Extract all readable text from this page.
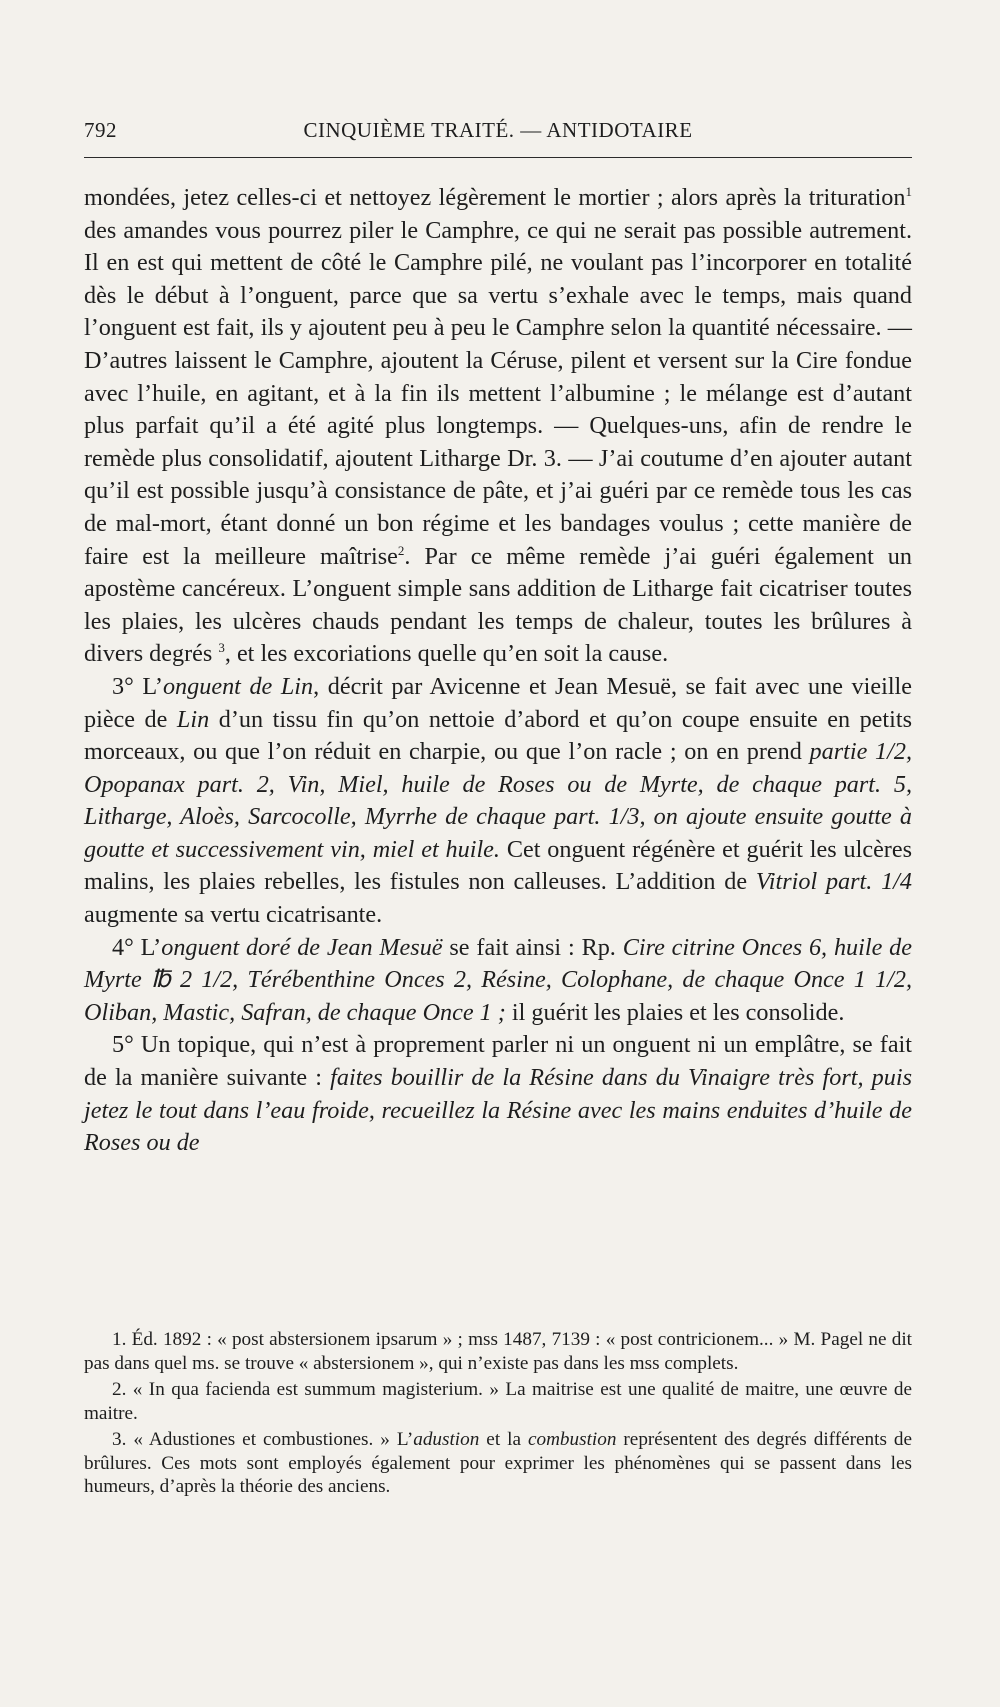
792	CINQUIÈME TRAITÉ. — ANTIDOTAIRE

mondées, jetez celles-ci et nettoyez légèrement le mortier ; alors après la trituration$^1$ des amandes vous pourrez piler le Camphre, ce qui ne serait pas possible autrement. Il en est qui mettent de côté le Camphre pilé, ne voulant pas l’incorporer en totalité dès le début à l’onguent, parce que sa vertu s’exhale avec le temps, mais quand l’onguent est fait, ils y ajoutent peu à peu le Camphre selon la quantité nécessaire. — D’autres laissent le Camphre, ajoutent la Céruse, pilent et versent sur la Cire fondue avec l’huile, en agitant, et à la fin ils mettent l’albumine ; le mélange est d’autant plus parfait qu’il a été agité plus longtemps. — Quelques-uns, afin de rendre le remède plus consolidatif, ajoutent Litharge Dr. 3. — J’ai coutume d’en ajouter autant qu’il est possible jusqu’à consistance de pâte, et j’ai guéri par ce remède tous les cas de mal-mort, étant donné un bon régime et les bandages voulus ; cette manière de faire est la meilleure maîtrise$^2$. Par ce même remède j’ai guéri également un apostème cancéreux. L’onguent simple sans addition de Litharge fait cicatriser toutes les plaies, les ulcères chauds pendant les temps de chaleur, toutes les brûlures à divers degrés $^3$, et les excoriations quelle qu’en soit la cause.

3° L’onguent de Lin, décrit par Avicenne et Jean Mesuë, se fait avec une vieille pièce de Lin d’un tissu fin qu’on nettoie d’abord et qu’on coupe ensuite en petits morceaux, ou que l’on réduit en charpie, ou que l’on racle ; on en prend partie 1/2, Opopanax part. 2, Vin, Miel, huile de Roses ou de Myrte, de chaque part. 5, Litharge, Aloès, Sarcocolle, Myrrhe de chaque part. 1/3, on ajoute ensuite goutte à goutte et successivement vin, miel et huile. Cet onguent régénère et guérit les ulcères malins, les plaies rebelles, les fistules non calleuses. L’addition de Vitriol part. 1/4 augmente sa vertu cicatrisante.

4° L’onguent doré de Jean Mesuë se fait ainsi : Rp. Cire citrine Onces 6, huile de Myrte ℔ 2 1/2, Térébenthine Onces 2, Résine, Colophane, de chaque Once 1 1/2, Oliban, Mastic, Safran, de chaque Once 1 ; il guérit les plaies et les consolide.

5° Un topique, qui n’est à proprement parler ni un onguent ni un emplâtre, se fait de la manière suivante : faites bouillir de la Résine dans du Vinaigre très fort, puis jetez le tout dans l’eau froide, recueillez la Résine avec les mains enduites d’huile de Roses ou de

1. Éd. 1892 : « post abstersionem ipsarum » ; mss 1487, 7139 : « post contricionem... » M. Pagel ne dit pas dans quel ms. se trouve « abstersionem », qui n’existe pas dans les mss complets.

2. « In qua facienda est summum magisterium. » La maitrise est une qualité de maitre, une œuvre de maitre.

3. « Adustiones et combustiones. » L’adustion et la combustion représentent des degrés différents de brûlures. Ces mots sont employés également pour exprimer les phénomènes qui se passent dans les humeurs, d’après la théorie des anciens.
